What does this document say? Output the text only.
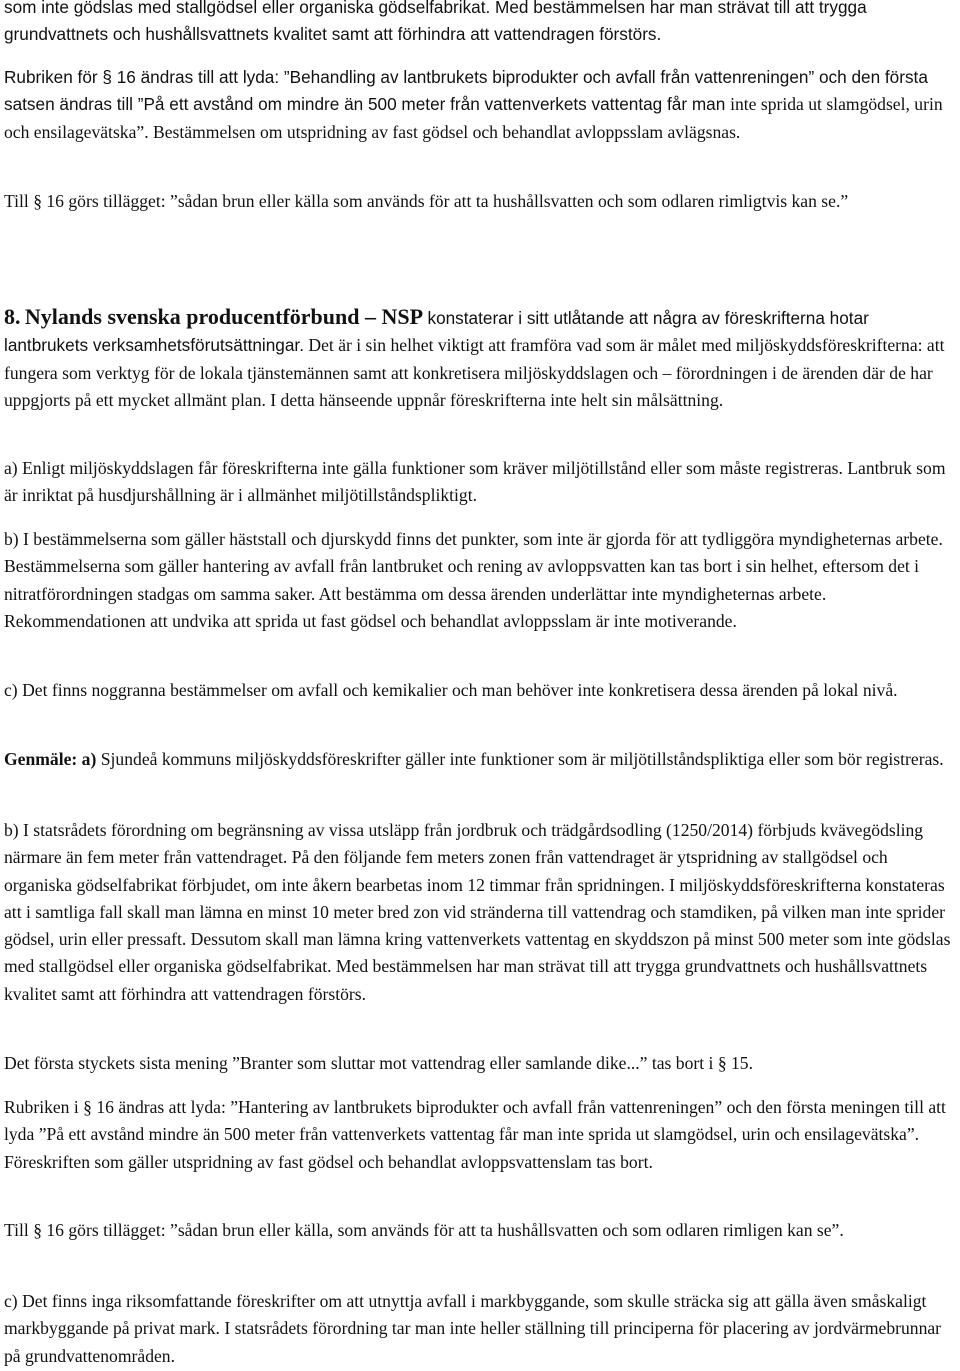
som inte gödslas med stallgödsel eller organiska gödselfabrikat. Med bestämmelsen har man strävat till att trygga grundvattnets och hushållsvattnets kvalitet samt att förhindra att vattendragen förstörs.

Rubriken för § 16 ändras till att lyda: ”Behandling av lantbrukets biprodukter och avfall från vattenreningen” och den första satsen ändras till ”På ett avstånd om mindre än 500 meter från vattenverkets vattentag får man inte sprida ut slamgödsel, urin och ensilagevätska”. Bestämmelsen om utspridning av fast gödsel och behandlat avloppsslam avlägsnas.

Till § 16 görs tillägget: ”sådan brun eller källa som används för att ta hushållsvatten och som odlaren rimligtvis kan se.”

8. Nylands svenska producentförbund – NSP konstaterar i sitt utlåtande att några av föreskrifterna hotar lantbrukets verksamhetsförutsättningar. Det är i sin helhet viktigt att framföra vad som är målet med miljöskyddsföreskrifterna: att fungera som verktyg för de lokala tjänstemännen samt att konkretisera miljöskyddslagen och – förordningen i de ärenden där de har uppgjorts på ett mycket allmänt plan. I detta hänseende uppnår föreskrifterna inte helt sin målsättning.

a) Enligt miljöskyddslagen får föreskrifterna inte gälla funktioner som kräver miljötillstånd eller som måste registreras. Lantbruk som är inriktat på husdjurshållning är i allmänhet miljötillståndspliktigt.

b) I bestämmelserna som gäller häststall och djurskydd finns det punkter, som inte är gjorda för att tydliggöra myndigheternas arbete. Bestämmelserna som gäller hantering av avfall från lantbruket och rening av avloppsvatten kan tas bort i sin helhet, eftersom det i nitratförordningen stadgas om samma saker. Att bestämma om dessa ärenden underlättar inte myndigheternas arbete. Rekommendationen att undvika att sprida ut fast gödsel och behandlat avloppsslam är inte motiverande.

c) Det finns noggranna bestämmelser om avfall och kemikalier och man behöver inte konkretisera dessa ärenden på lokal nivå.

Genmäle: a) Sjundeå kommuns miljöskyddsföreskrifter gäller inte funktioner som är miljötillståndspliktiga eller som bör registreras.

b) I statsrådets förordning om begränsning av vissa utsläpp från jordbruk och trädgårdsodling (1250/2014) förbjuds kvävegödsling närmare än fem meter från vattendraget. På den följande fem meters zonen från vattendraget är ytspridning av stallgödsel och organiska gödselfabrikat förbjudet, om inte åkern bearbetas inom 12 timmar från spridningen. I miljöskyddsföreskrifterna konstateras att i samtliga fall skall man lämna en minst 10 meter bred zon vid stränderna till vattendrag och stamdiken, på vilken man inte sprider gödsel, urin eller pressaft. Dessutom skall man lämna kring vattenverkets vattentag en skyddszon på minst 500 meter som inte gödslas med stallgödsel eller organiska gödselfabrikat. Med bestämmelsen har man strävat till att trygga grundvattnets och hushållsvattnets kvalitet samt att förhindra att vattendragen förstörs.

Det första styckets sista mening ”Branter som sluttar mot vattendrag eller samlande dike...” tas bort i § 15.

Rubriken i § 16 ändras att lyda: ”Hantering av lantbrukets biprodukter och avfall från vattenreningen” och den första meningen till att lyda ”På ett avstånd mindre än 500 meter från vattenverkets vattentag får man inte sprida ut slamgödsel, urin och ensilagevätska”. Föreskriften som gäller utspridning av fast gödsel och behandlat avloppsvattenslam tas bort.

Till § 16 görs tillägget: ”sådan brun eller källa, som används för att ta hushållsvatten och som odlaren rimligen kan se”.

c) Det finns inga riksomfattande föreskrifter om att utnyttja avfall i markbyggande, som skulle sträcka sig att gälla även småskaligt markbyggande på privat mark. I statsrådets förordning tar man inte heller ställning till principerna för placering av jordvärmebrunnar på grundvattenområden.
